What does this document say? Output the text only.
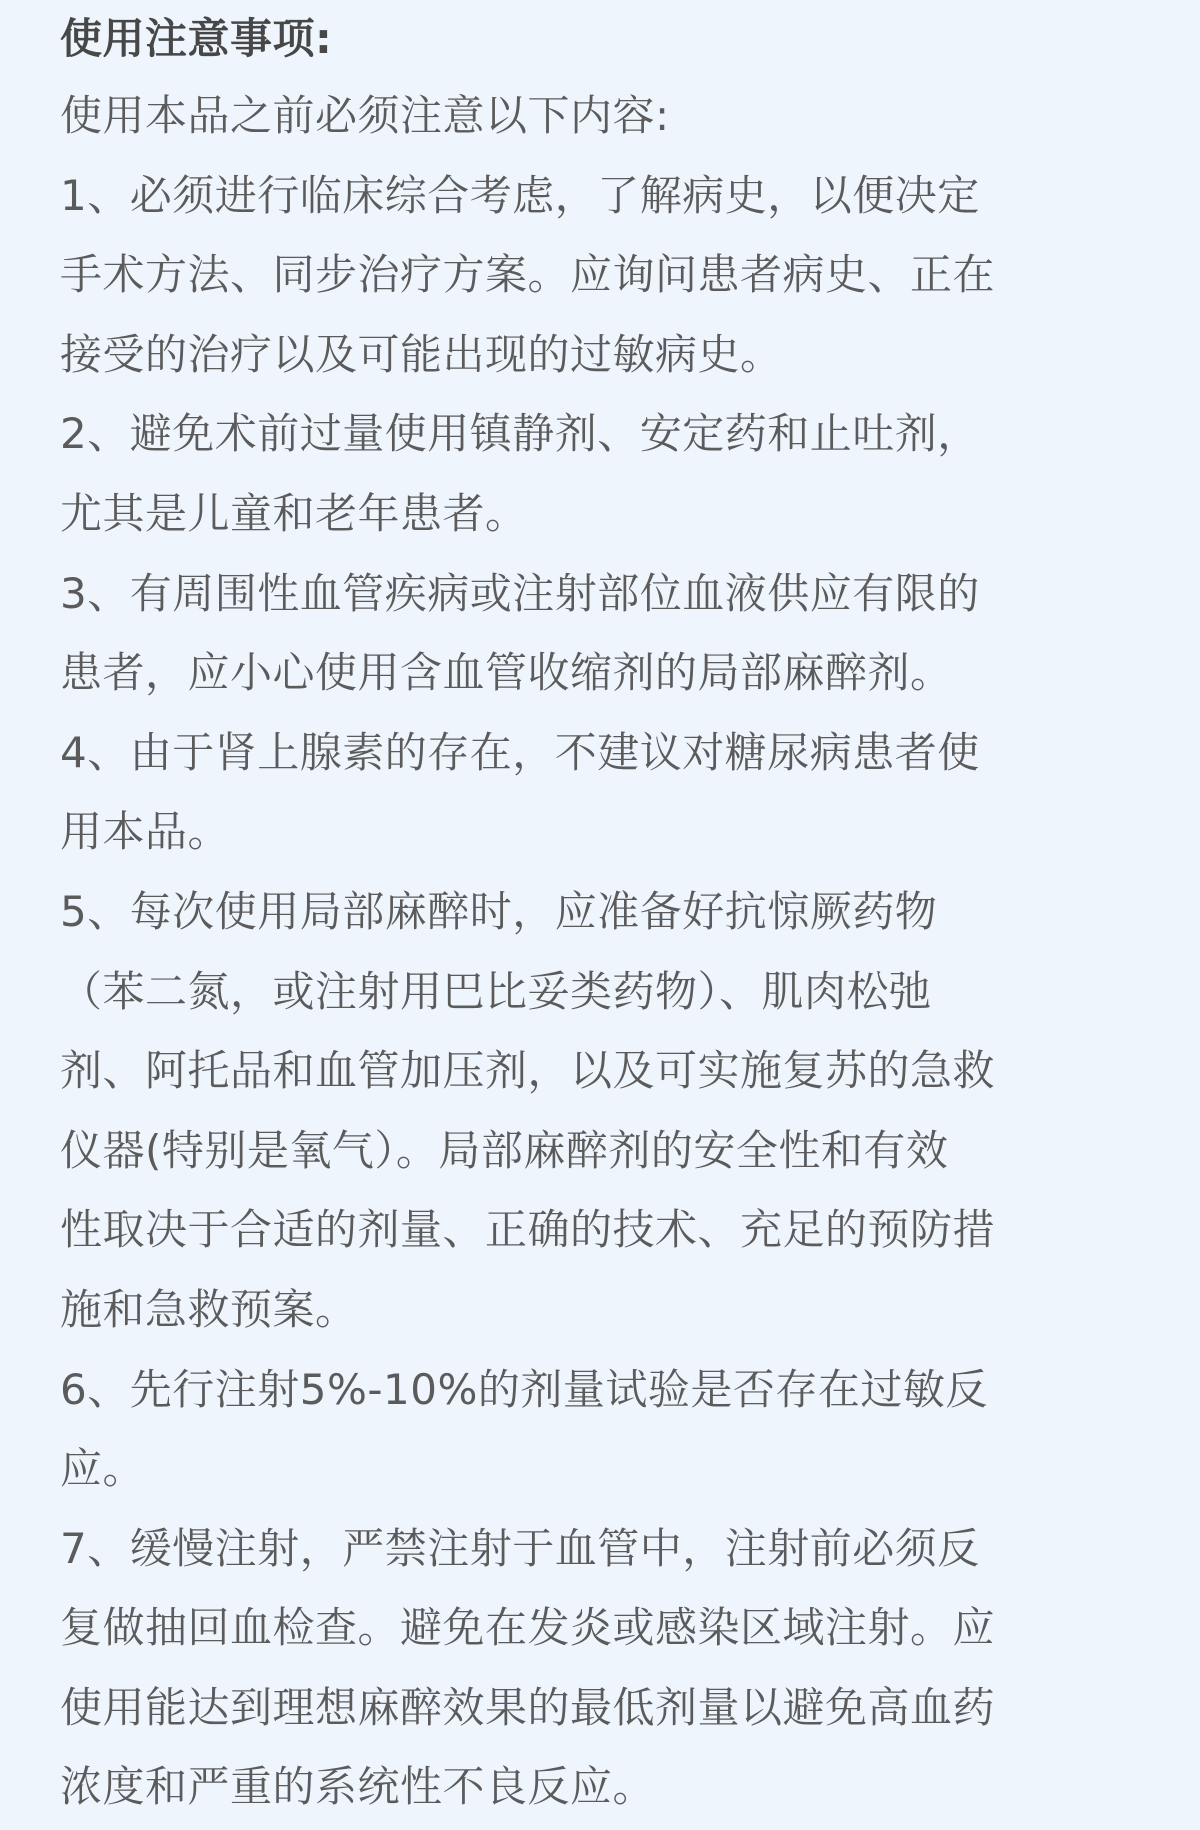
使用注意事项:
使用本品之前必须注意以下内容:
1、必须进行临床综合考虑，了解病史，以便决定
手术方法、同步治疗方案。应询问患者病史、正在
接受的治疗以及可能出现的过敏病史。
2、避免术前过量使用镇静剂、安定药和止吐剂，
尤其是儿童和老年患者。
3、有周围性血管疾病或注射部位血液供应有限的
患者，应小心使用含血管收缩剂的局部麻醉剂。
4、由于肾上腺素的存在，不建议对糖尿病患者使
用本品。
5、每次使用局部麻醉时，应准备好抗惊厥药物
（苯二氮，或注射用巴比妥类药物）、肌肉松弛
剂、阿托品和血管加压剂，以及可实施复苏的急救
仪器(特别是氧气）。局部麻醉剂的安全性和有效
性取决于合适的剂量、正确的技术、充足的预防措
施和急救预案。
6、先行注射5%-10%的剂量试验是否存在过敏反
应。
7、缓慢注射，严禁注射于血管中，注射前必须反
复做抽回血检查。避免在发炎或感染区域注射。应
使用能达到理想麻醉效果的最低剂量以避免高血药
浓度和严重的系统性不良反应。
